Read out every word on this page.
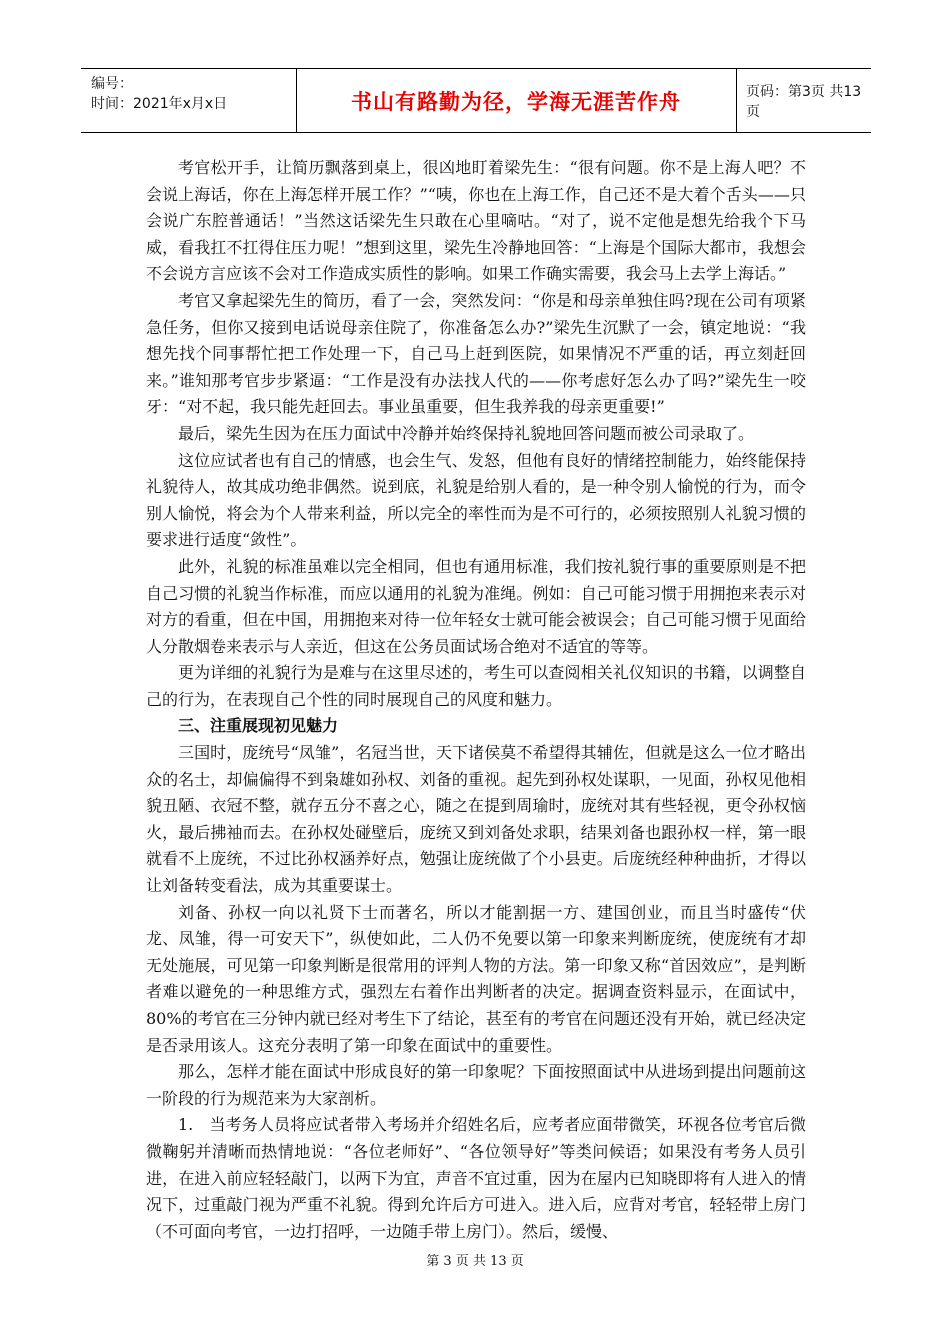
编号：
时间：2021年x月x日	书山有路勤为径，学海无涯苦作舟	页码：第3页 共13页

考官松开手，让简历飘落到桌上，很凶地盯着梁先生：“很有问题。你不是上海人吧？不会说上海话，你在上海怎样开展工作？”“咦，你也在上海工作，自己还不是大着个舌头——只会说广东腔普通话！”当然这话梁先生只敢在心里嘀咕。“对了，说不定他是想先给我个下马威，看我扛不扛得住压力呢！”想到这里，梁先生冷静地回答：“上海是个国际大都市，我想会不会说方言应该不会对工作造成实质性的影响。如果工作确实需要，我会马上去学上海话。”

考官又拿起梁先生的简历，看了一会，突然发问：“你是和母亲单独住吗?现在公司有项紧急任务，但你又接到电话说母亲住院了，你准备怎么办?”梁先生沉默了一会，镇定地说：“我想先找个同事帮忙把工作处理一下，自己马上赶到医院，如果情况不严重的话，再立刻赶回来。”谁知那考官步步紧逼：“工作是没有办法找人代的——你考虑好怎么办了吗?”梁先生一咬牙：“对不起，我只能先赶回去。事业虽重要，但生我养我的母亲更重要!”

最后，梁先生因为在压力面试中冷静并始终保持礼貌地回答问题而被公司录取了。

这位应试者也有自己的情感，也会生气、发怒，但他有良好的情绪控制能力，始终能保持礼貌待人，故其成功绝非偶然。说到底，礼貌是给别人看的，是一种令别人愉悦的行为，而令别人愉悦，将会为个人带来利益，所以完全的率性而为是不可行的，必须按照别人礼貌习惯的要求进行适度“敛性”。

此外，礼貌的标准虽难以完全相同，但也有通用标准，我们按礼貌行事的重要原则是不把自己习惯的礼貌当作标准，而应以通用的礼貌为准绳。例如：自己可能习惯于用拥抱来表示对对方的看重，但在中国，用拥抱来对待一位年轻女士就可能会被误会；自己可能习惯于见面给人分散烟卷来表示与人亲近，但这在公务员面试场合绝对不适宜的等等。

更为详细的礼貌行为是难与在这里尽述的，考生可以查阅相关礼仪知识的书籍，以调整自己的行为，在表现自己个性的同时展现自己的风度和魅力。

三、注重展现初见魅力

三国时，庞统号“凤雏”，名冠当世，天下诸侯莫不希望得其辅佐，但就是这么一位才略出众的名士，却偏偏得不到枭雄如孙权、刘备的重视。起先到孙权处谋职，一见面，孙权见他相貌丑陋、衣冠不整，就存五分不喜之心，随之在提到周瑜时，庞统对其有些轻视，更令孙权恼火，最后拂袖而去。在孙权处碰壁后，庞统又到刘备处求职，结果刘备也跟孙权一样，第一眼就看不上庞统，不过比孙权涵养好点，勉强让庞统做了个小县吏。后庞统经种种曲折，才得以让刘备转变看法，成为其重要谋士。

刘备、孙权一向以礼贤下士而著名，所以才能割据一方、建国创业，而且当时盛传“伏龙、凤雏，得一可安天下”，纵使如此，二人仍不免要以第一印象来判断庞统，使庞统有才却无处施展，可见第一印象判断是很常用的评判人物的方法。第一印象又称“首因效应”，是判断者难以避免的一种思维方式，强烈左右着作出判断者的决定。据调查资料显示，在面试中，80%的考官在三分钟内就已经对考生下了结论，甚至有的考官在问题还没有开始，就已经决定是否录用该人。这充分表明了第一印象在面试中的重要性。

那么，怎样才能在面试中形成良好的第一印象呢？下面按照面试中从进场到提出问题前这一阶段的行为规范来为大家剖析。

1.　当考务人员将应试者带入考场并介绍姓名后，应考者应面带微笑，环视各位考官后微微鞠躬并清晰而热情地说：“各位老师好”、“各位领导好”等类问候语；如果没有考务人员引进，在进入前应轻轻敲门，以两下为宜，声音不宜过重，因为在屋内已知晓即将有人进入的情况下，过重敲门视为严重不礼貌。得到允许后方可进入。进入后，应背对考官，轻轻带上房门（不可面向考官，一边打招呼，一边随手带上房门）。然后，缓慢、

第 3 页 共 13 页
